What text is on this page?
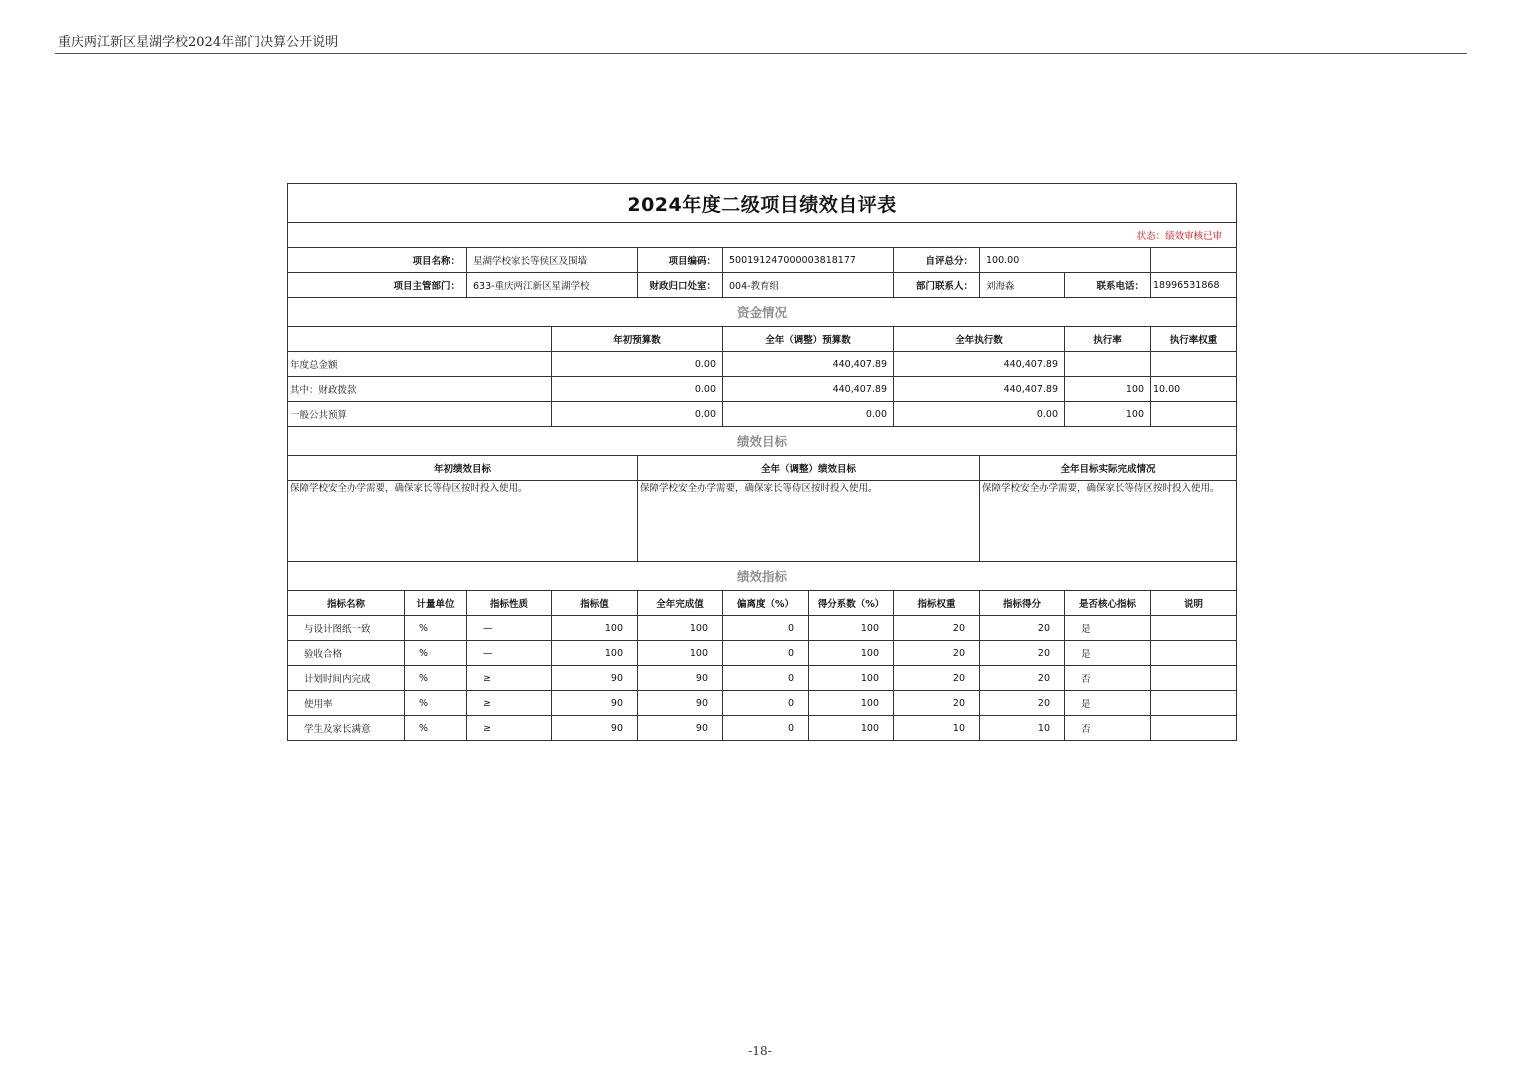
重庆两江新区星湖学校2024年部门决算公开说明
2024年度二级项目绩效自评表											
状态：绩效审核已审											
项目名称：		星湖学校家长等侯区及围墙		项目编码：	500191247000003818177		自评总分：	100.00			
项目主管部门：		633-重庆两江新区星湖学校		财政归口处室：	004-教育组		部门联系人：	刘海淼	联系电话：	18996531868	
资金情况											
			年初预算数		全年（调整）预算数		全年执行数		执行率	执行率权重	
年度总金额			0.00		440,407.89		440,407.89				
其中：财政拨款			0.00		440,407.89		440,407.89		100	10.00	
一般公共预算			0.00		0.00		0.00		100		
绩效目标											
年初绩效目标				全年（调整）绩效目标				全年目标实际完成情况			
保障学校安全办学需要，确保家长等侍区按时投入使用。				保障学校安全办学需要，确保家长等侍区按时投入使用。				保障学校安全办学需要，确保家长等侍区按时投入使用。			
绩效指标											
指标名称	计量单位	指标性质	指标值	全年完成值	偏离度（%）	得分系数（%）	指标权重	指标得分	是否核心指标	说明	
与设计图纸一致	%	—	100	100	0	100	20	20	是		
验收合格	%	—	100	100	0	100	20	20	是		
计划时间内完成	%	≥	90	90	0	100	20	20	否		
使用率	%	≥	90	90	0	100	20	20	是		
学生及家长满意	%	≥	90	90	0	100	10	10	否		
-18-
